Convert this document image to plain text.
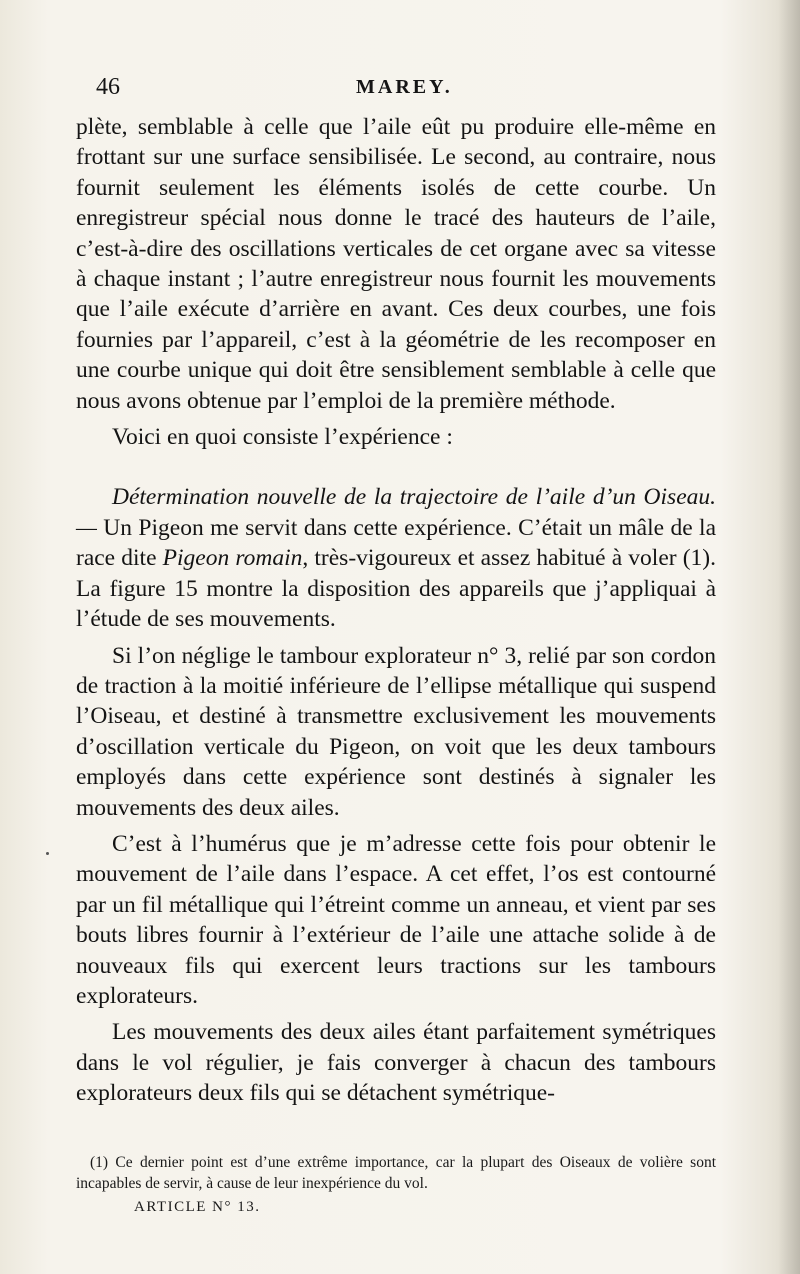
46	MAREY.

plète, semblable à celle que l’aile eût pu produire elle-même en frottant sur une surface sensibilisée. Le second, au contraire, nous fournit seulement les éléments isolés de cette courbe. Un enregistreur spécial nous donne le tracé des hauteurs de l’aile, c’est-à-dire des oscillations verticales de cet organe avec sa vitesse à chaque instant ; l’autre enregistreur nous fournit les mouvements que l’aile exécute d’arrière en avant. Ces deux courbes, une fois fournies par l’appareil, c’est à la géométrie de les recomposer en une courbe unique qui doit être sensiblement semblable à celle que nous avons obtenue par l’emploi de la première méthode.

Voici en quoi consiste l’expérience :

Détermination nouvelle de la trajectoire de l’aile d’un Oiseau.— Un Pigeon me servit dans cette expérience. C’était un mâle de la race dite Pigeon romain, très-vigoureux et assez habitué à voler (1). La figure 15 montre la disposition des appareils que j’appliquai à l’étude de ses mouvements.

Si l’on néglige le tambour explorateur n° 3, relié par son cordon de traction à la moitié inférieure de l’ellipse métallique qui suspend l’Oiseau, et destiné à transmettre exclusivement les mouvements d’oscillation verticale du Pigeon, on voit que les deux tambours employés dans cette expérience sont destinés à signaler les mouvements des deux ailes.

C’est à l’humérus que je m’adresse cette fois pour obtenir le mouvement de l’aile dans l’espace. A cet effet, l’os est contourné par un fil métallique qui l’étreint comme un anneau, et vient par ses bouts libres fournir à l’extérieur de l’aile une attache solide à de nouveaux fils qui exercent leurs tractions sur les tambours explorateurs.

Les mouvements des deux ailes étant parfaitement symétriques dans le vol régulier, je fais converger à chacun des tambours explorateurs deux fils qui se détachent symétrique-

(1) Ce dernier point est d’une extrême importance, car la plupart des Oiseaux de volière sont incapables de servir, à cause de leur inexpérience du vol.

ARTICLE N° 13.
